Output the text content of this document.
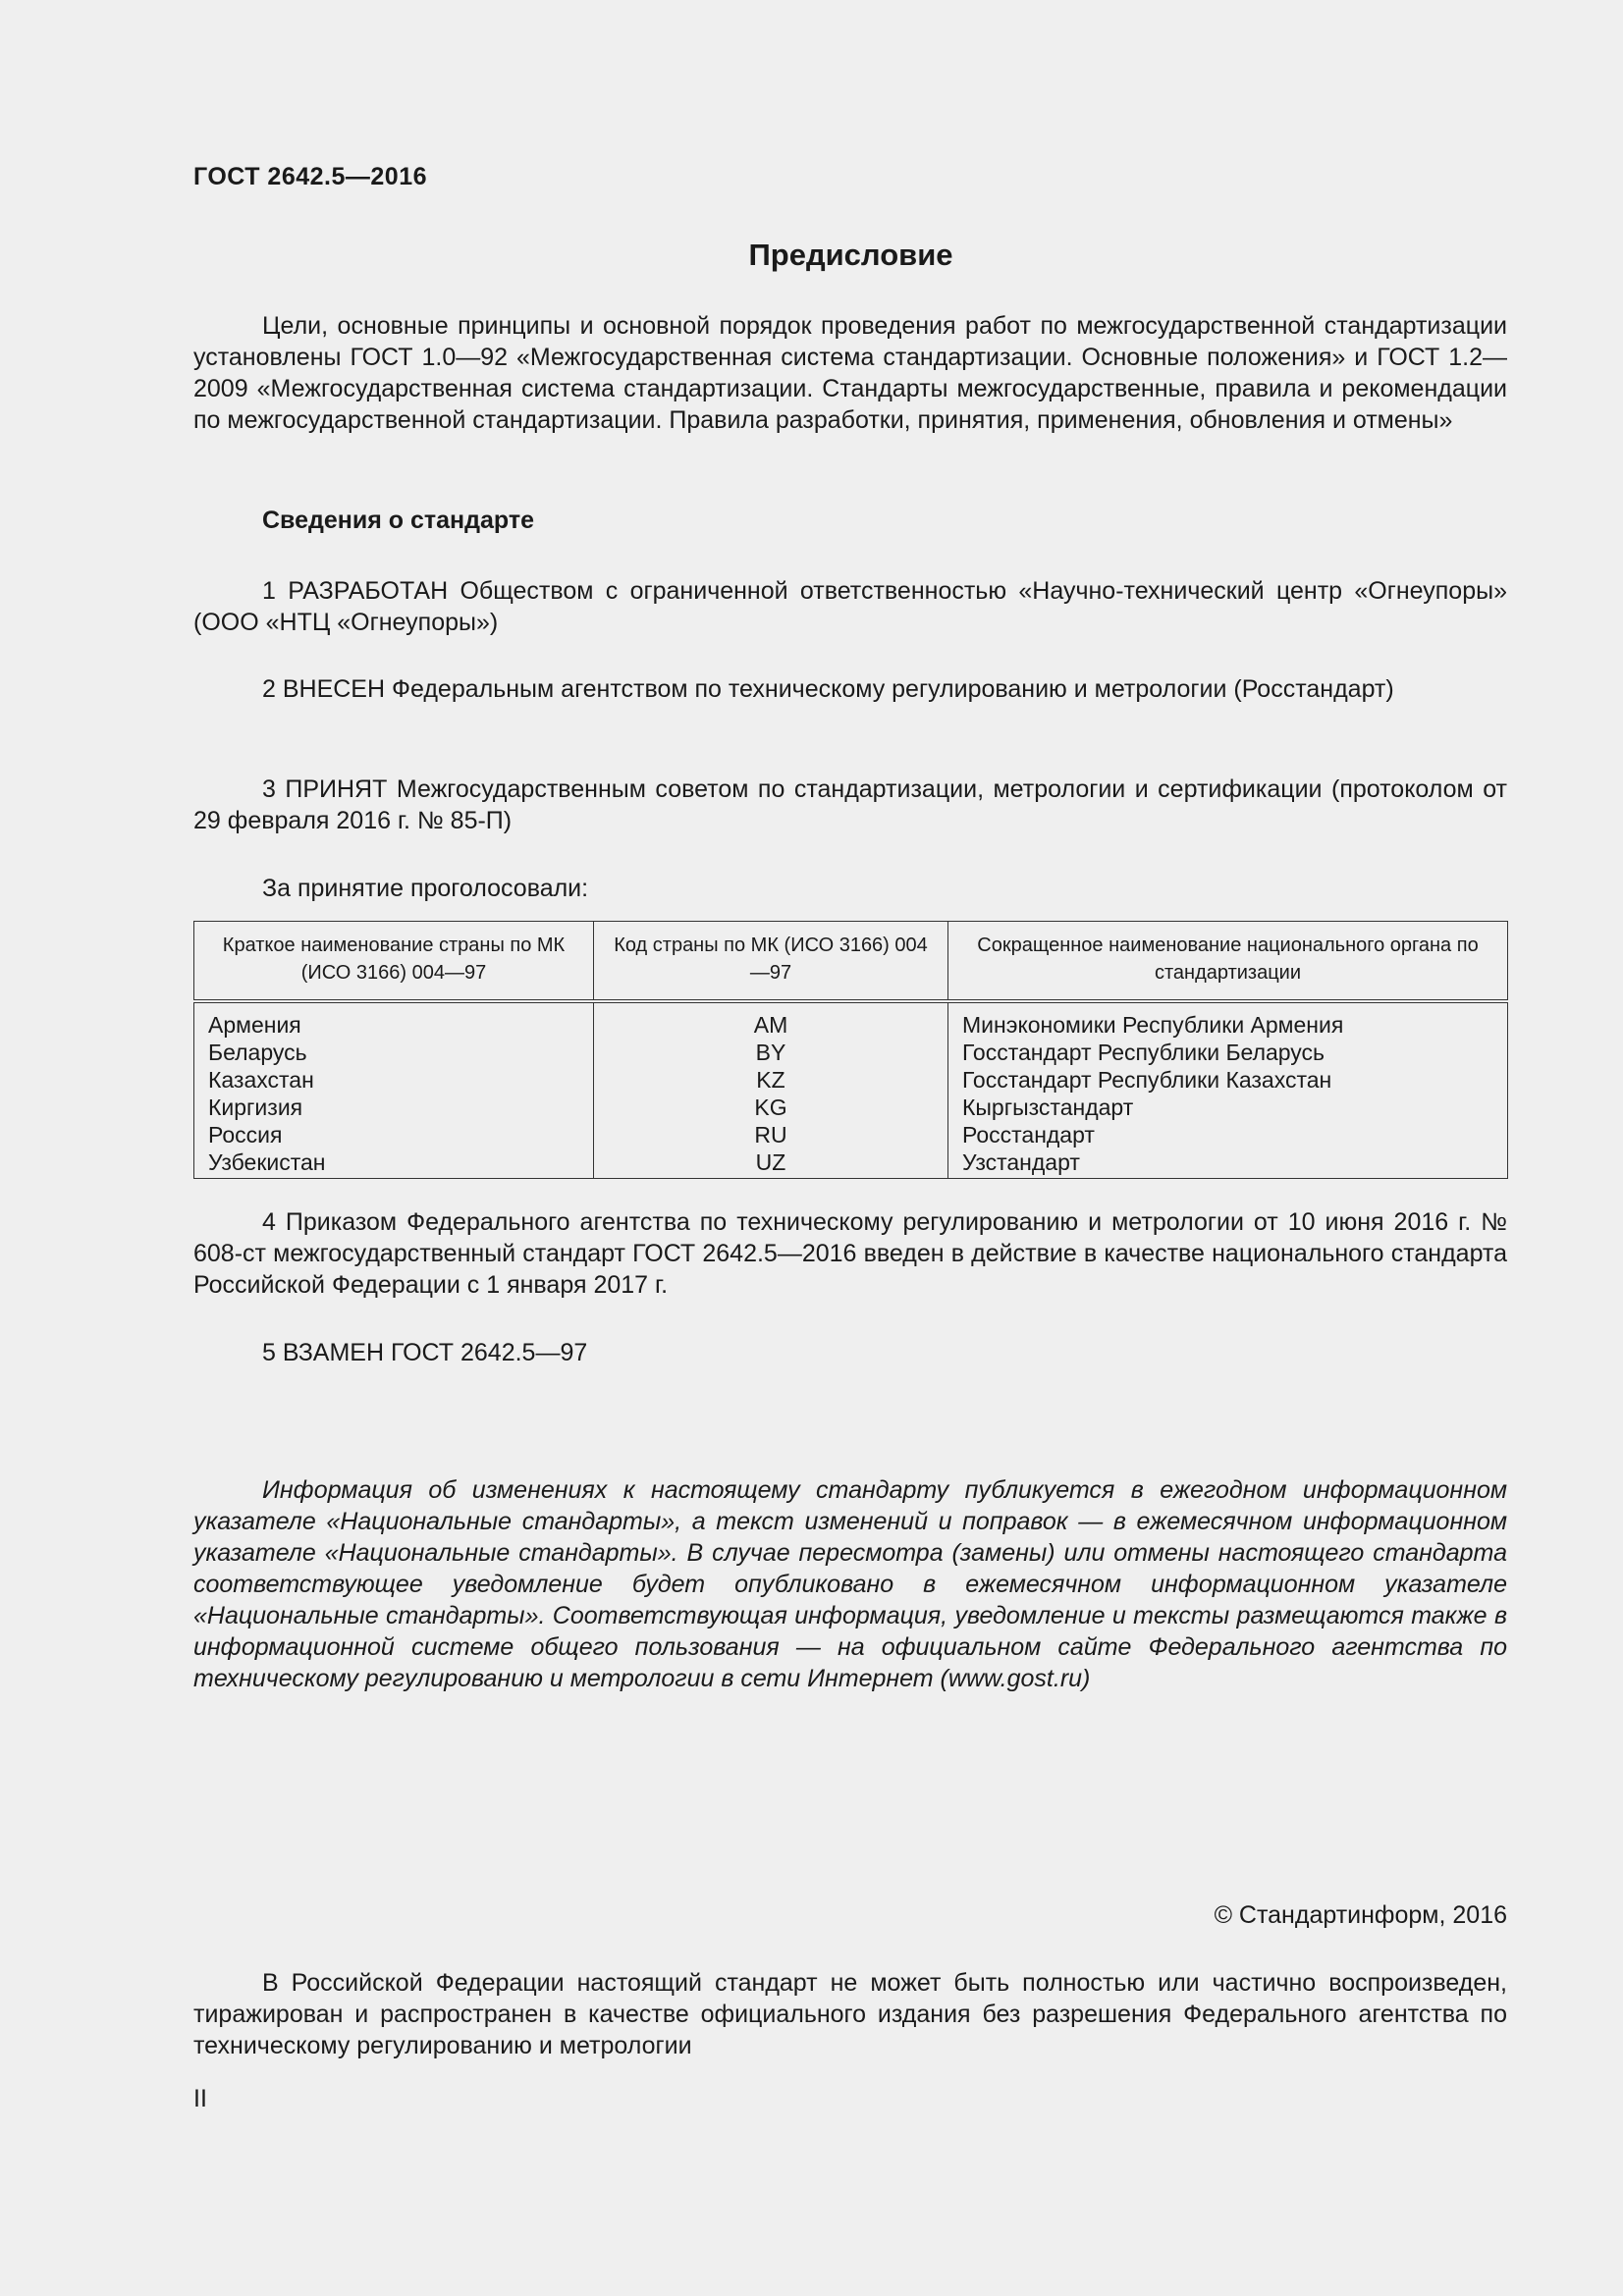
ГОСТ 2642.5—2016
Предисловие

Цели, основные принципы и основной порядок проведения работ по межгосударственной стандартизации установлены ГОСТ 1.0—92 «Межгосударственная система стандартизации. Основные положения» и ГОСТ 1.2—2009 «Межгосударственная система стандартизации. Стандарты межгосударственные, правила и рекомендации по межгосударственной стандартизации. Правила разработки, принятия, применения, обновления и отмены»

Сведения о стандарте

1 РАЗРАБОТАН Обществом с ограниченной ответственностью «Научно-технический центр «Огнеупоры» (ООО «НТЦ «Огнеупоры»)

2 ВНЕСЕН Федеральным агентством по техническому регулированию и метрологии (Росстандарт)

3 ПРИНЯТ Межгосударственным советом по стандартизации, метрологии и сертификации (протоколом от 29 февраля 2016 г. № 85-П)

За принятие проголосовали:
Краткое наименование страны по МК (ИСО 3166) 004—97	Код страны по МК (ИСО 3166) 004—97	Сокращенное наименование национального органа по стандартизации
Армения	AM	Минэкономики Республики Армения
Беларусь	BY	Госстандарт Республики Беларусь
Казахстан	KZ	Госстандарт Республики Казахстан
Киргизия	KG	Кыргызстандарт
Россия	RU	Росстандарт
Узбекистан	UZ	Узстандарт

4 Приказом Федерального агентства по техническому регулированию и метрологии от 10 июня 2016 г. № 608-ст межгосударственный стандарт ГОСТ 2642.5—2016 введен в действие в качестве национального стандарта Российской Федерации с 1 января 2017 г.

5 ВЗАМЕН ГОСТ 2642.5—97

Информация об изменениях к настоящему стандарту публикуется в ежегодном информационном указателе «Национальные стандарты», а текст изменений и поправок — в ежемесячном информационном указателе «Национальные стандарты». В случае пересмотра (замены) или отмены настоящего стандарта соответствующее уведомление будет опубликовано в ежемесячном информационном указателе «Национальные стандарты». Соответствующая информация, уведомление и тексты размещаются также в информационной системе общего пользования — на официальном сайте Федерального агентства по техническому регулированию и метрологии в сети Интернет (www.gost.ru)

© Стандартинформ, 2016

В Российской Федерации настоящий стандарт не может быть полностью или частично воспроизведен, тиражирован и распространен в качестве официального издания без разрешения Федерального агентства по техническому регулированию и метрологии

II
